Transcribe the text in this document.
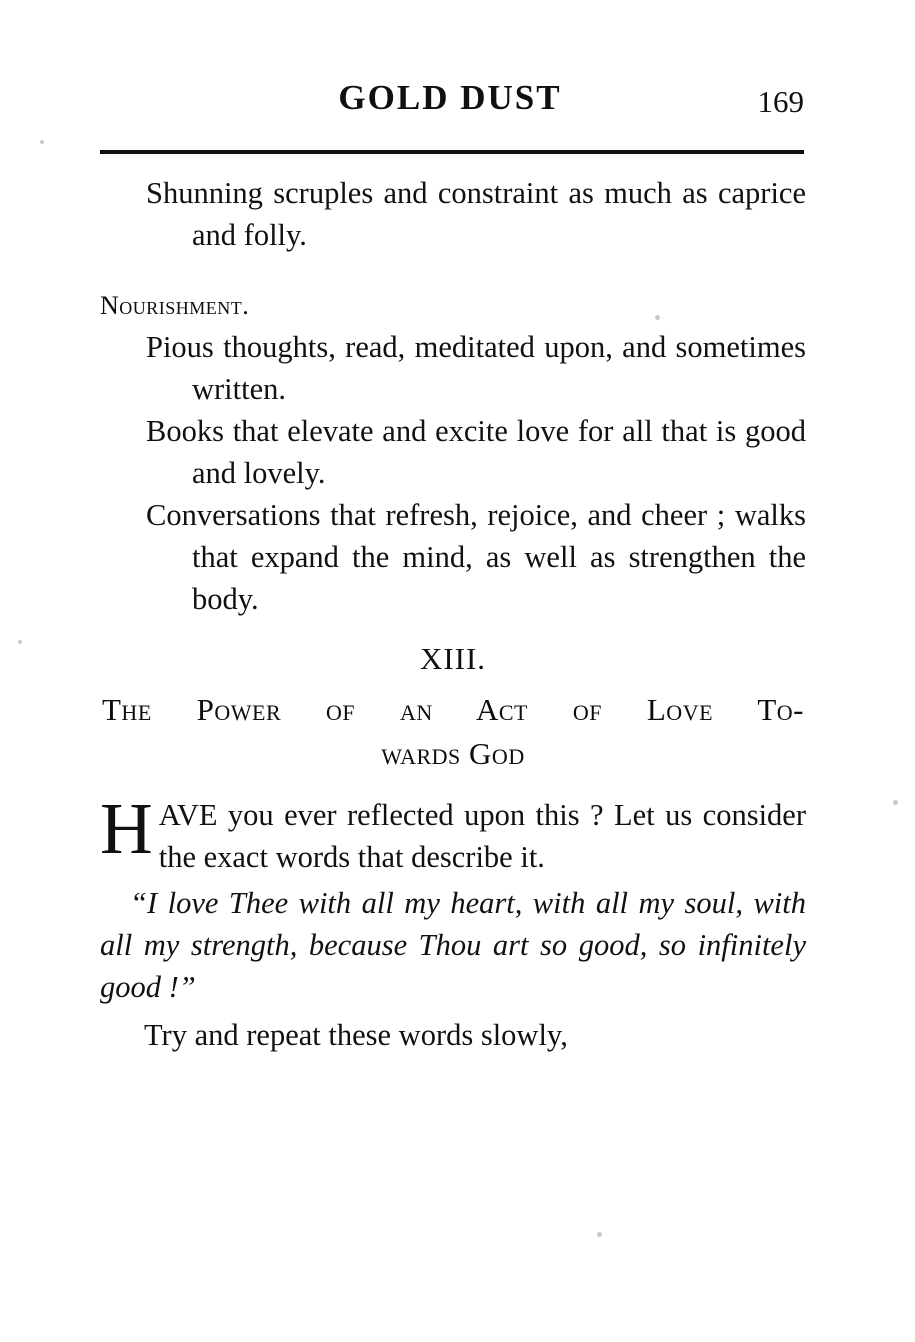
GOLD DUST	169

Shunning scruples and constraint as much as caprice and folly.

Nourishment.

Pious thoughts, read, meditated upon, and sometimes written.

Books that elevate and excite love for all that is good and lovely.

Conversations that refresh, rejoice, and cheer ; walks that expand the mind, as well as strengthen the body.

XIII.

The Power of an Act of Love To-
wards God

HAVE you ever reflected upon this ? Let us consider the exact words that describe it.

“I love Thee with all my heart, with all my soul, with all my strength, because Thou art so good, so infinitely good !”

Try and repeat these words slowly,
